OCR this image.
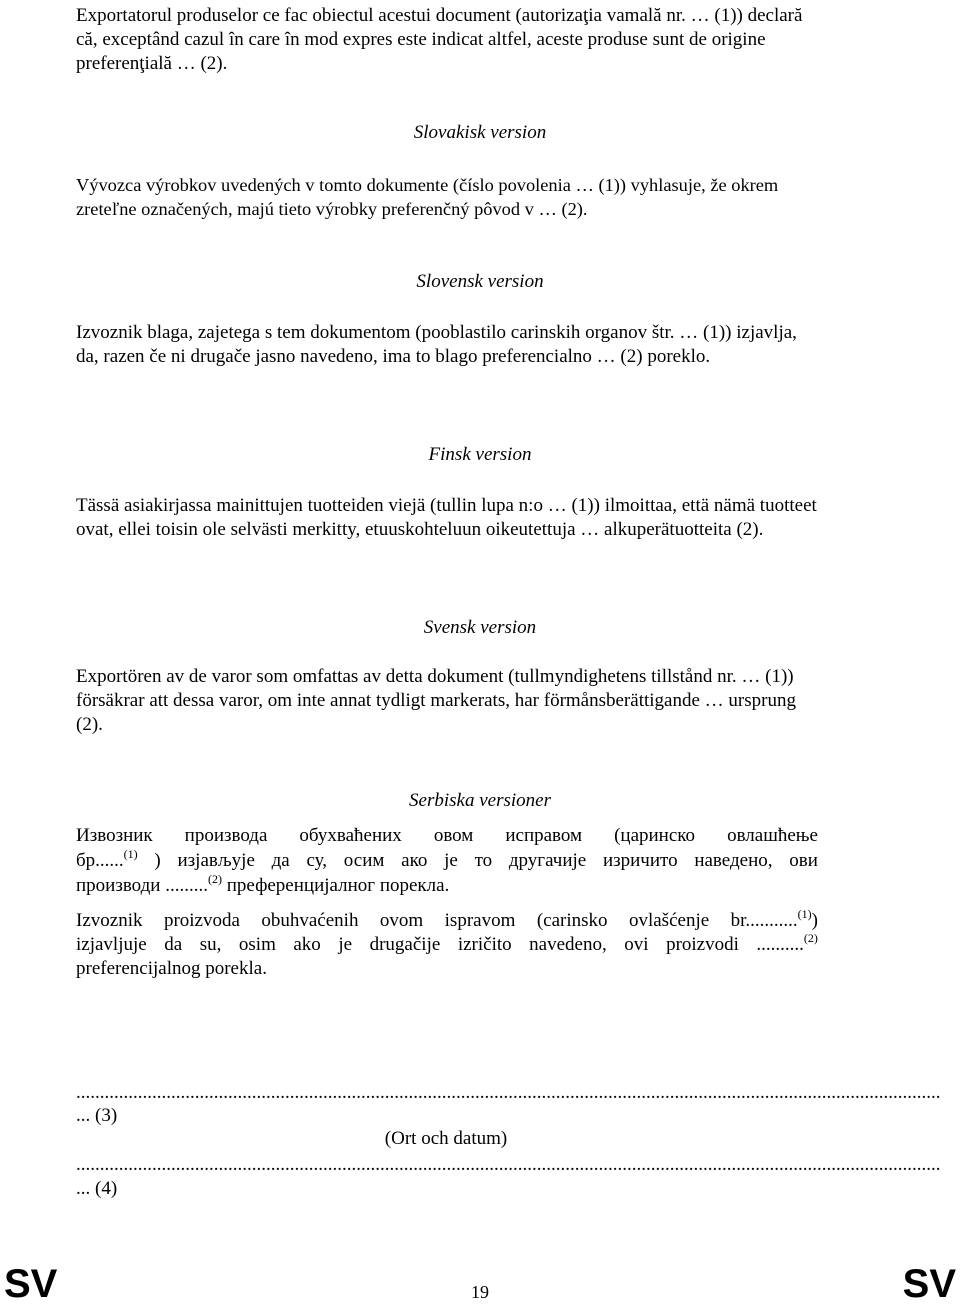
Exportatorul produselor ce fac obiectul acestui document (autorizaţia vamală nr. … (1)) declară că, exceptând cazul în care în mod expres este indicat altfel, aceste produse sunt de origine preferenţială … (2).

Slovakisk version

Vývozca výrobkov uvedených v tomto dokumente (číslo povolenia … (1)) vyhlasuje, že okrem zreteľne označených, majú tieto výrobky preferenčný pôvod v … (2).

Slovensk version

Izvoznik blaga, zajetega s tem dokumentom (pooblastilo carinskih organov štr. … (1)) izjavlja, da, razen če ni drugače jasno navedeno, ima to blago preferencialno … (2) poreklo.

Finsk version

Tässä asiakirjassa mainittujen tuotteiden viejä (tullin lupa n:o … (1)) ilmoittaa, että nämä tuotteet ovat, ellei toisin ole selvästi merkitty, etuuskohteluun oikeutettuja … alkuperätuotteita (2).

Svensk version

Exportören av de varor som omfattas av detta dokument (tullmyndighetens tillstånd nr. … (1)) försäkrar att dessa varor, om inte annat tydligt markerats, har förmånsberättigande … ursprung (2).

Serbiska versioner

Извозник производа обухваћених овом исправом (царинско овлашћење
бр......$^{(1)}$ ) изјављује да су, осим ако је то другачије изричито наведено, ови
производи .........$^{(2)}$ преференцијалног порекла.
Izvoznik proizvoda obuhvaćenih ovom ispravom (carinsko ovlašćenje br...........$^{(1)}$)
izjavljuje da su, osim ako je drugačije izričito navedeno, ovi proizvodi ..........$^{(2)}$
preferencijalnog porekla.
......................................................................................................................................................................................
... (3)
(Ort och datum)
......................................................................................................................................................................................
... (4)
SV	19	SV
